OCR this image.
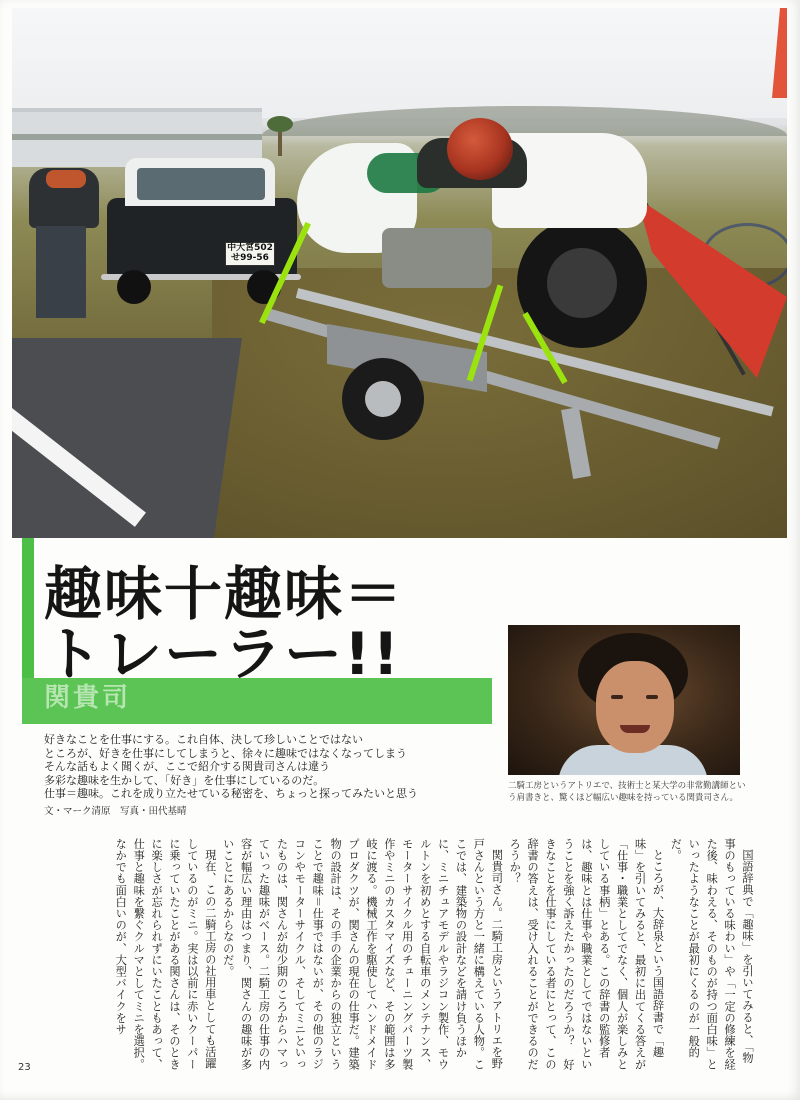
中大宮502
せ99-56
趣味十趣味＝
トレーラー!!
関貴司
二騎工房というアトリエで、技術士と某大学の非常勤講師という肩書きと、驚くほど幅広い趣味を持っている関貴司さん。

好きなことを仕事にする。これ自体、決して珍しいことではない

ところが、好きを仕事にしてしまうと、徐々に趣味ではなくなってしまう

そんな話もよく聞くが、ここで紹介する関貴司さんは違う

多彩な趣味を生かして、「好き」を仕事にしているのだ。

仕事＝趣味。これを成り立たせている秘密を、ちょっと探ってみたいと思う

文・マーク清原　写真・田代基晴

国語辞典で「趣味」を引いてみると、「物事のもっている味わい」や「一定の修練を経た後、味わえる、そのものが持つ面白味」といったようなことが最初にくるのが一般的だ。

ところが、大辞泉という国語辞書で「趣味」を引いてみると、最初に出てくる答えが「仕事・職業としてでなく、個人が楽しみとしている事柄」とある。この辞書の監修者は、趣味とは仕事や職業としてではないということを強く訴えたかったのだろうか？　好きなことを仕事にしている者にとって、この辞書の答えは、受け入れることができるのだろうか？

関貴司さん。二騎工房というアトリエを野戸さんという方と一緒に構えている人物。ここでは、建築物の設計などを請け負うほかに、ミニチュアモデルやラジコン製作、モウルトンを初めとする自転車のメンテナンス、モーターサイクル用のチューニングパーツ製作やミニのカスタマイズなど、その範囲は多岐に渡る。機械工作を駆使してハンドメイドプロダクツが、関さんの現在の仕事だ。建築物の設計は、その手の企業からの独立ということで趣味＝仕事ではないが、その他のラジコンやモーターサイクル、そしてミニといったものは、関さんが幼少期のころからハマっていった趣味がベース。二騎工房の仕事の内容が幅広い理由はつまり、関さんの趣味が多いことにあるからなのだ。

現在、この二騎工房の社用車としても活躍しているのがミニ。実は以前に赤いクーパーに乗っていたことがある関さんは、そのときに楽しさが忘れられずにいたこともあって、仕事と趣味を繋ぐクルマとしてミニを選択。なかでも面白いのが、大型バイクをサ

23
